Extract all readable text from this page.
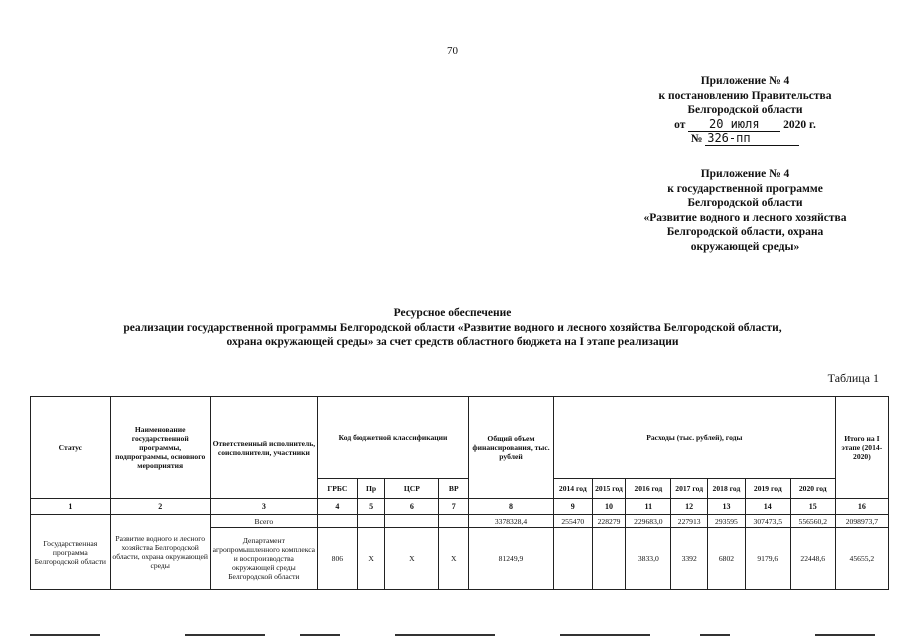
70
Приложение № 4
к постановлению Правительства
Белгородской области
от 20 июля 2020 г.
№ 326-пп
Приложение № 4
к государственной программе
Белгородской области
«Развитие водного и лесного хозяйства
Белгородской области, охрана
окружающей среды»
Ресурсное обеспечение
реализации государственной программы Белгородской области «Развитие водного и лесного хозяйства Белгородской области,
охрана окружающей среды» за счет средств областного бюджета на I этапе реализации
Таблица 1
Статус	Наименование государственной программы, подпрограммы, основного мероприятия	Ответственный исполнитель, соисполнители, участники	Код бюджетной классификации				Общий объем финансирования, тыс. рублей	Расходы (тыс. рублей), годы							Итого на I этапе (2014-2020)
			ГРБС	Пр	ЦСР	ВР		2014 год	2015 год	2016 год	2017 год	2018 год	2019 год	2020 год	
1	2	3	4	5	6	7	8	9	10	11	12	13	14	15	16
Государственная программа Белгородской области	Развитие водного и лесного хозяйства Белгородской области, охрана окружающей среды	Всего					3378328,4	255470	228279	229683,0	227913	293595	307473,5	556560,2	2098973,7
		Департамент агропромышленного комплекса и воспроизводства окружающей среды Белгородской области	806	Х	Х	Х	81249,9			3833,0	3392	6802	9179,6	22448,6	45655,2
